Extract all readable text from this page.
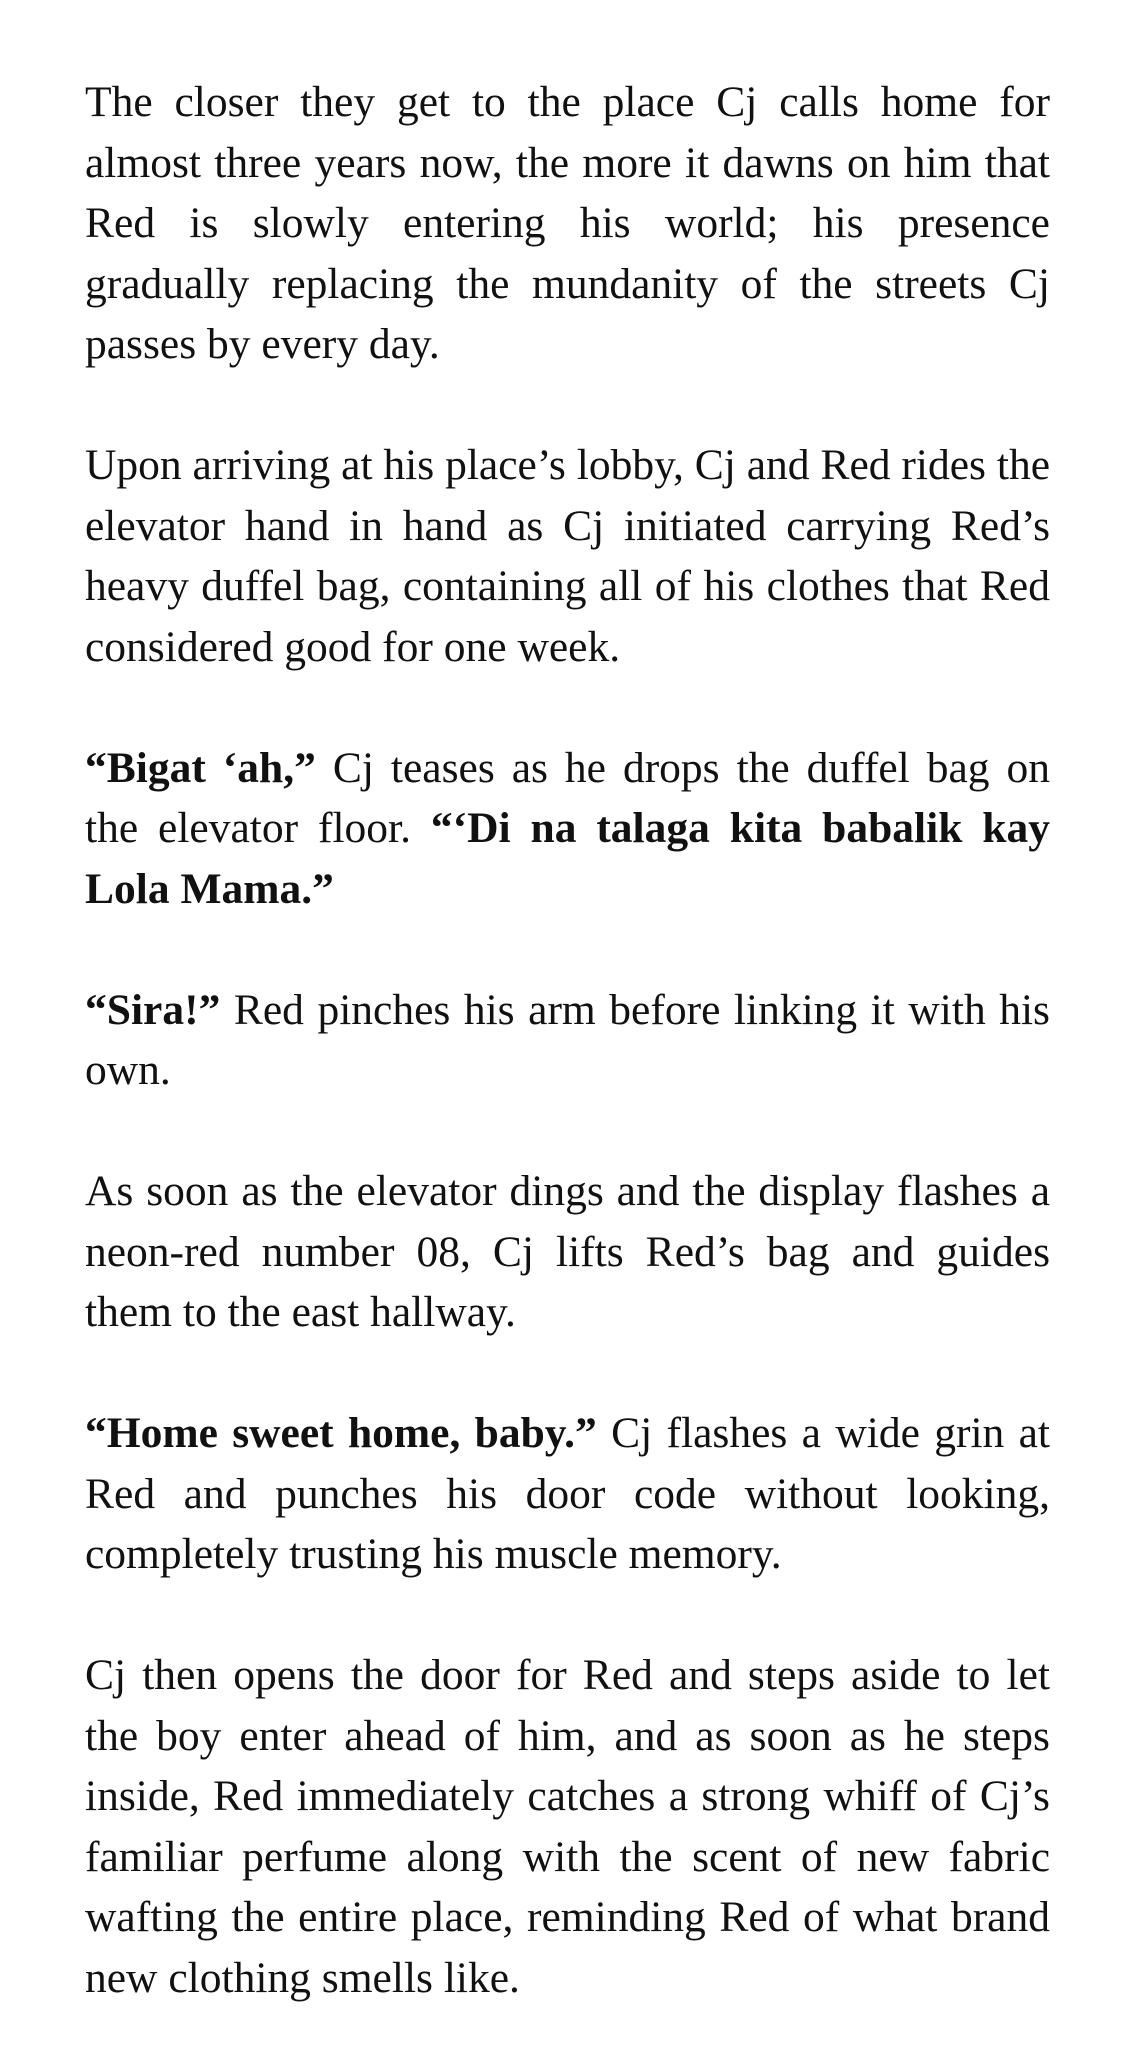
The closer they get to the place Cj calls home for almost three years now, the more it dawns on him that Red is slowly entering his world; his presence gradually replacing the mundanity of the streets Cj passes by every day.

Upon arriving at his place’s lobby, Cj and Red rides the elevator hand in hand as Cj initiated carrying Red’s heavy duffel bag, containing all of his clothes that Red considered good for one week.

“Bigat ‘ah,” Cj teases as he drops the duffel bag on the elevator floor. “‘Di na talaga kita babalik kay Lola Mama.”

“Sira!” Red pinches his arm before linking it with his own.

As soon as the elevator dings and the display flashes a neon-red number 08, Cj lifts Red’s bag and guides them to the east hallway.

“Home sweet home, baby.” Cj flashes a wide grin at Red and punches his door code without looking, completely trusting his muscle memory.

Cj then opens the door for Red and steps aside to let the boy enter ahead of him, and as soon as he steps inside, Red immediately catches a strong whiff of Cj’s familiar perfume along with the scent of new fabric wafting the entire place, reminding Red of what brand new clothing smells like.
